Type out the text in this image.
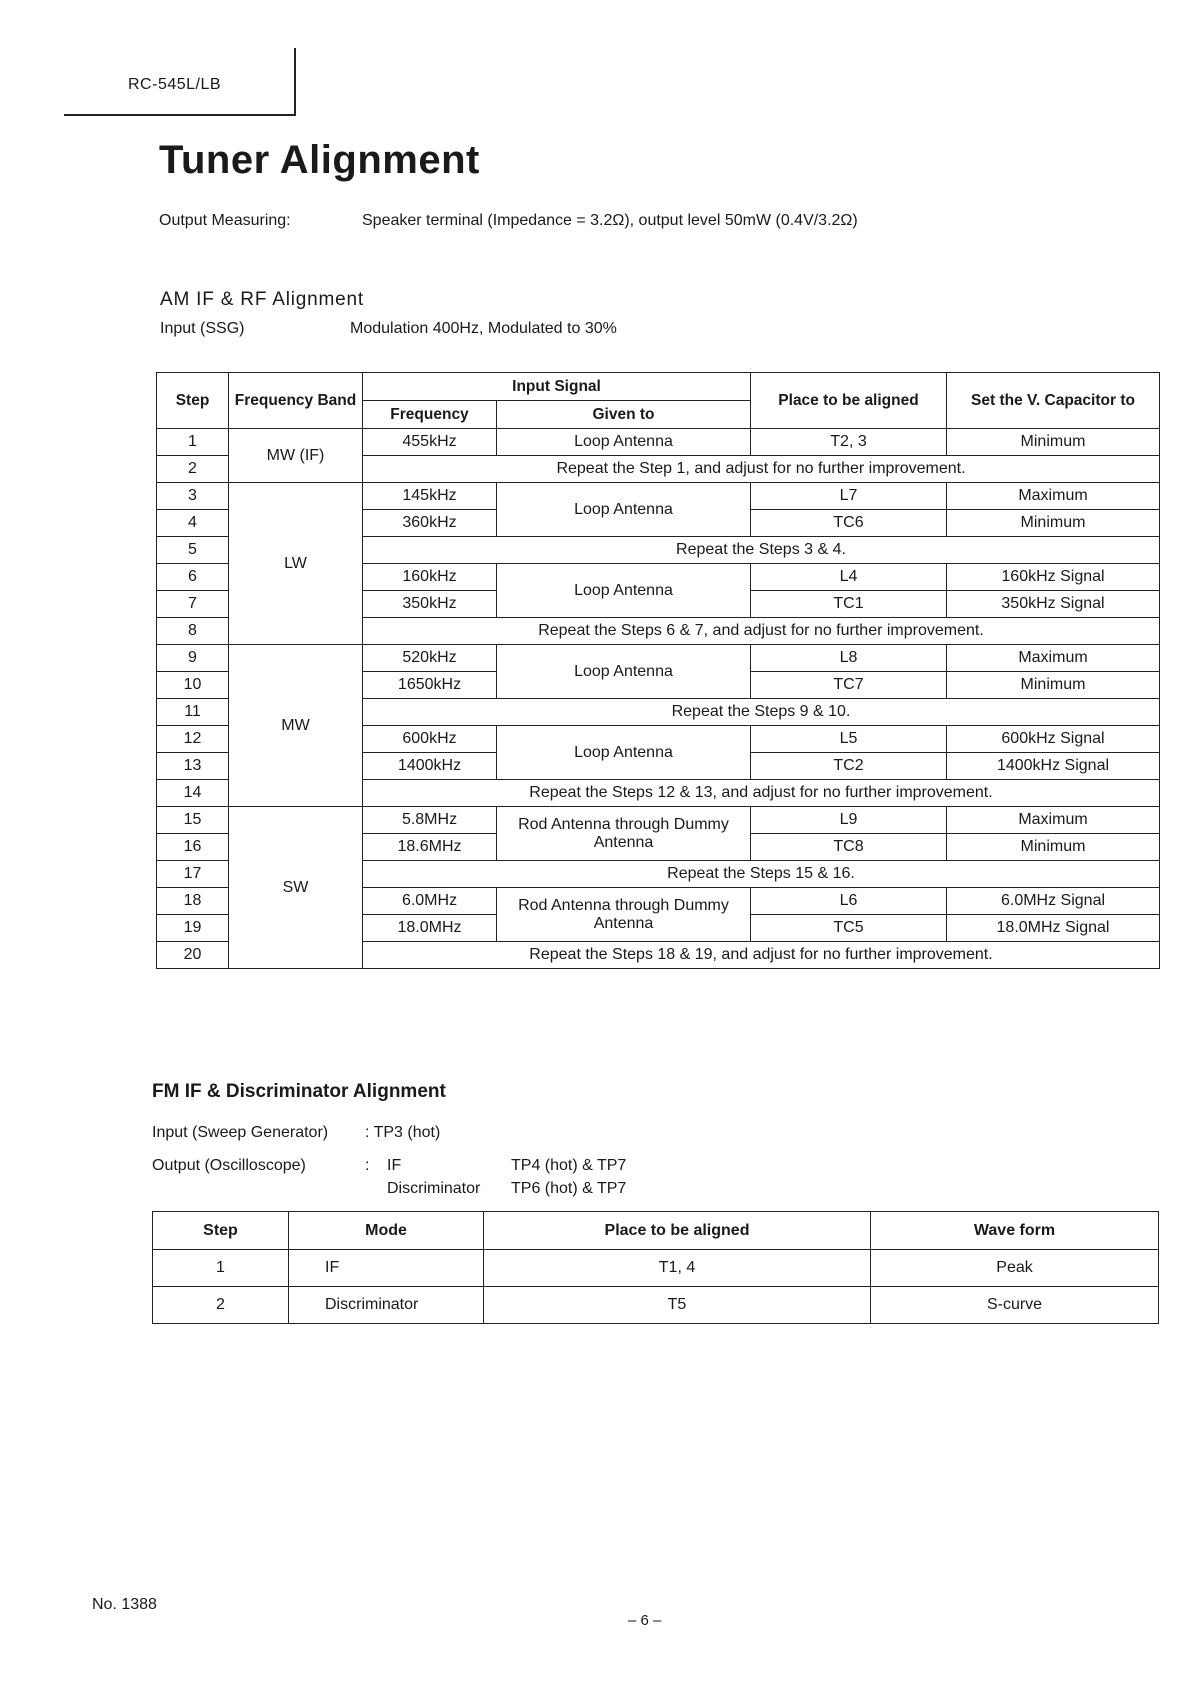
RC-545L/LB
Tuner Alignment
Output Measuring:	Speaker terminal (Impedance = 3.2Ω), output level 50mW (0.4V/3.2Ω)
AM IF & RF Alignment
Input (SSG)	Modulation 400Hz, Modulated to 30%
Step	Frequency Band	Input Signal		Place to be aligned	Set the V. Capacitor to
		Frequency	Given to		
1	MW (IF)	455kHz	Loop Antenna	T2, 3	Minimum
2		Repeat the Step 1, and adjust for no further improvement.			
3	LW	145kHz	Loop Antenna	L7	Maximum
4		360kHz		TC6	Minimum
5		Repeat the Steps 3 & 4.			
6		160kHz	Loop Antenna	L4	160kHz Signal
7		350kHz		TC1	350kHz Signal
8		Repeat the Steps 6 & 7, and adjust for no further improvement.			
9	MW	520kHz	Loop Antenna	L8	Maximum
10		1650kHz		TC7	Minimum
11		Repeat the Steps 9 & 10.			
12		600kHz	Loop Antenna	L5	600kHz Signal
13		1400kHz		TC2	1400kHz Signal
14		Repeat the Steps 12 & 13, and adjust for no further improvement.			
15	SW	5.8MHz	Rod Antenna through Dummy Antenna	L9	Maximum
16		18.6MHz		TC8	Minimum
17		Repeat the Steps 15 & 16.			
18		6.0MHz	Rod Antenna through Dummy Antenna	L6	6.0MHz Signal
19		18.0MHz		TC5	18.0MHz Signal
20		Repeat the Steps 18 & 19, and adjust for no further improvement.			
FM IF & Discriminator Alignment
Input (Sweep Generator) : TP3 (hot)
Output (Oscilloscope)	: IF	TP4 (hot) & TP7
Discriminator TP6 (hot) & TP7
Step	Mode	Place to be aligned	Wave form
1	IF	T1, 4	Peak
2	Discriminator	T5	S-curve
No. 1388
– 6 –
